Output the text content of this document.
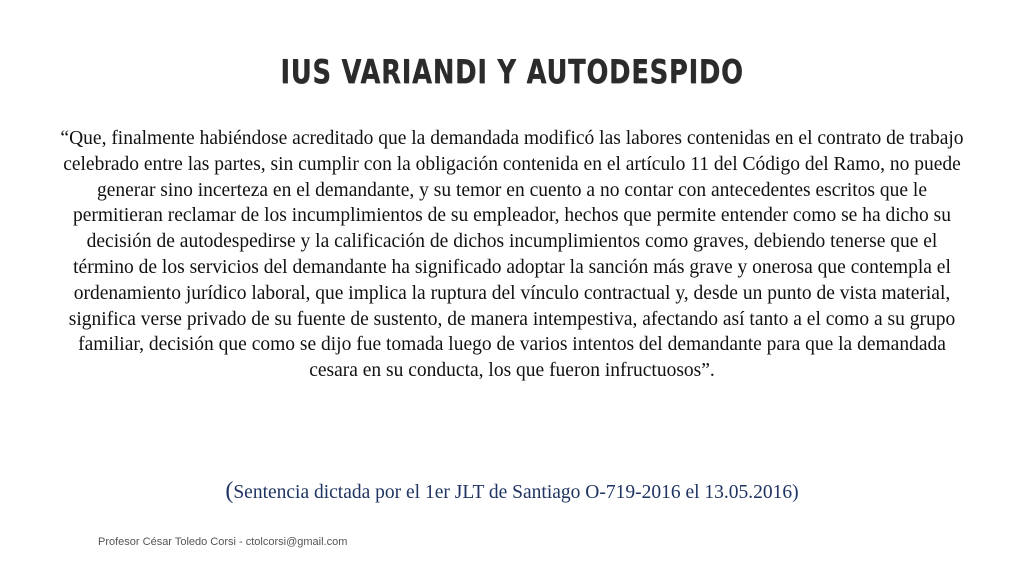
IUS VARIANDI Y AUTODESPIDO

“Que, finalmente habiéndose acreditado que la demandada modificó las labores contenidas en el contrato de trabajo celebrado entre las partes, sin cumplir con la obligación contenida en el artículo 11 del Código del Ramo, no puede generar sino incerteza en el demandante, y su temor en cuento a no contar con antecedentes escritos que le permitieran reclamar de los incumplimientos de su empleador, hechos que permite entender como se ha dicho su decisión de autodespedirse y la calificación de dichos incumplimientos como graves, debiendo tenerse que el término de los servicios del demandante ha significado adoptar la sanción más grave y onerosa que contempla el ordenamiento jurídico laboral, que implica la ruptura del vínculo contractual y, desde un punto de vista material, significa verse privado de su fuente de sustento, de manera intempestiva, afectando así tanto a el como a su grupo familiar, decisión que como se dijo fue tomada luego de varios intentos del demandante para que la demandada cesara en su conducta, los que fueron infructuosos”.

(Sentencia dictada por el 1er JLT de Santiago O-719-2016 el 13.05.2016)
Profesor César Toledo Corsi - ctolcorsi@gmail.com
